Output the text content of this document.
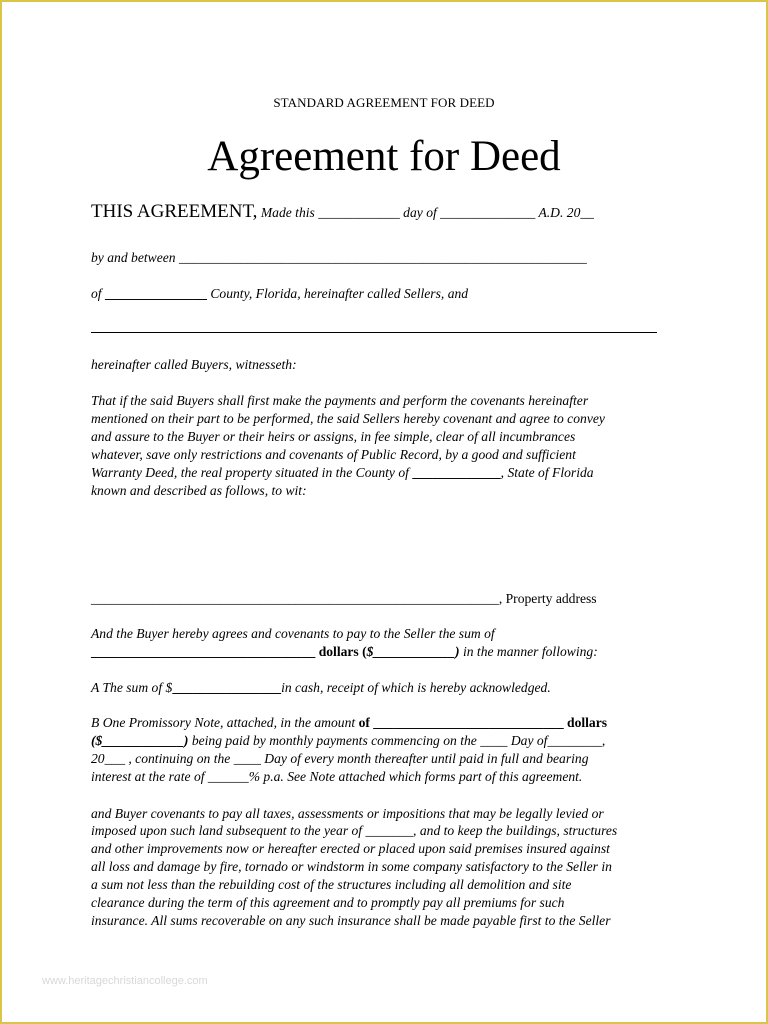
STANDARD AGREEMENT FOR DEED
Agreement for Deed
THIS AGREEMENT, Made this ____________ day of ______________ A.D. 20__
by and between ____________________________________________________________
of _______________ County, Florida, hereinafter called Sellers, and
hereinafter called Buyers, witnesseth:
That if the said Buyers shall first make the payments and perform the covenants hereinafter
mentioned on their part to be performed, the said Sellers hereby covenant and agree to convey
and assure to the Buyer or their heirs or assigns, in fee simple, clear of all incumbrances
whatever, save only restrictions and covenants of Public Record, by a good and sufficient
Warranty Deed, the real property situated in the County of _____________, State of Florida
known and described as follows, to wit:
____________________________________________________________, Property address
And the Buyer hereby agrees and covenants to pay to the Seller the sum of
_________________________________ dollars ($____________) in the manner following:
A The sum of $________________in cash, receipt of which is hereby acknowledged.
B One Promissory Note, attached, in the amount of ____________________________ dollars
($____________) being paid by monthly payments commencing on the ____ Day of________,
20___ , continuing on the ____ Day of every month thereafter until paid in full and bearing
interest at the rate of ______% p.a. See Note attached which forms part of this agreement.
and Buyer covenants to pay all taxes, assessments or impositions that may be legally levied or
imposed upon such land subsequent to the year of _______, and to keep the buildings, structures
and other improvements now or hereafter erected or placed upon said premises insured against
all loss and damage by fire, tornado or windstorm in some company satisfactory to the Seller in
a sum not less than the rebuilding cost of the structures including all demolition and site
clearance during the term of this agreement and to promptly pay all premiums for such
insurance. All sums recoverable on any such insurance shall be made payable first to the Seller
www.heritagechristiancollege.com
